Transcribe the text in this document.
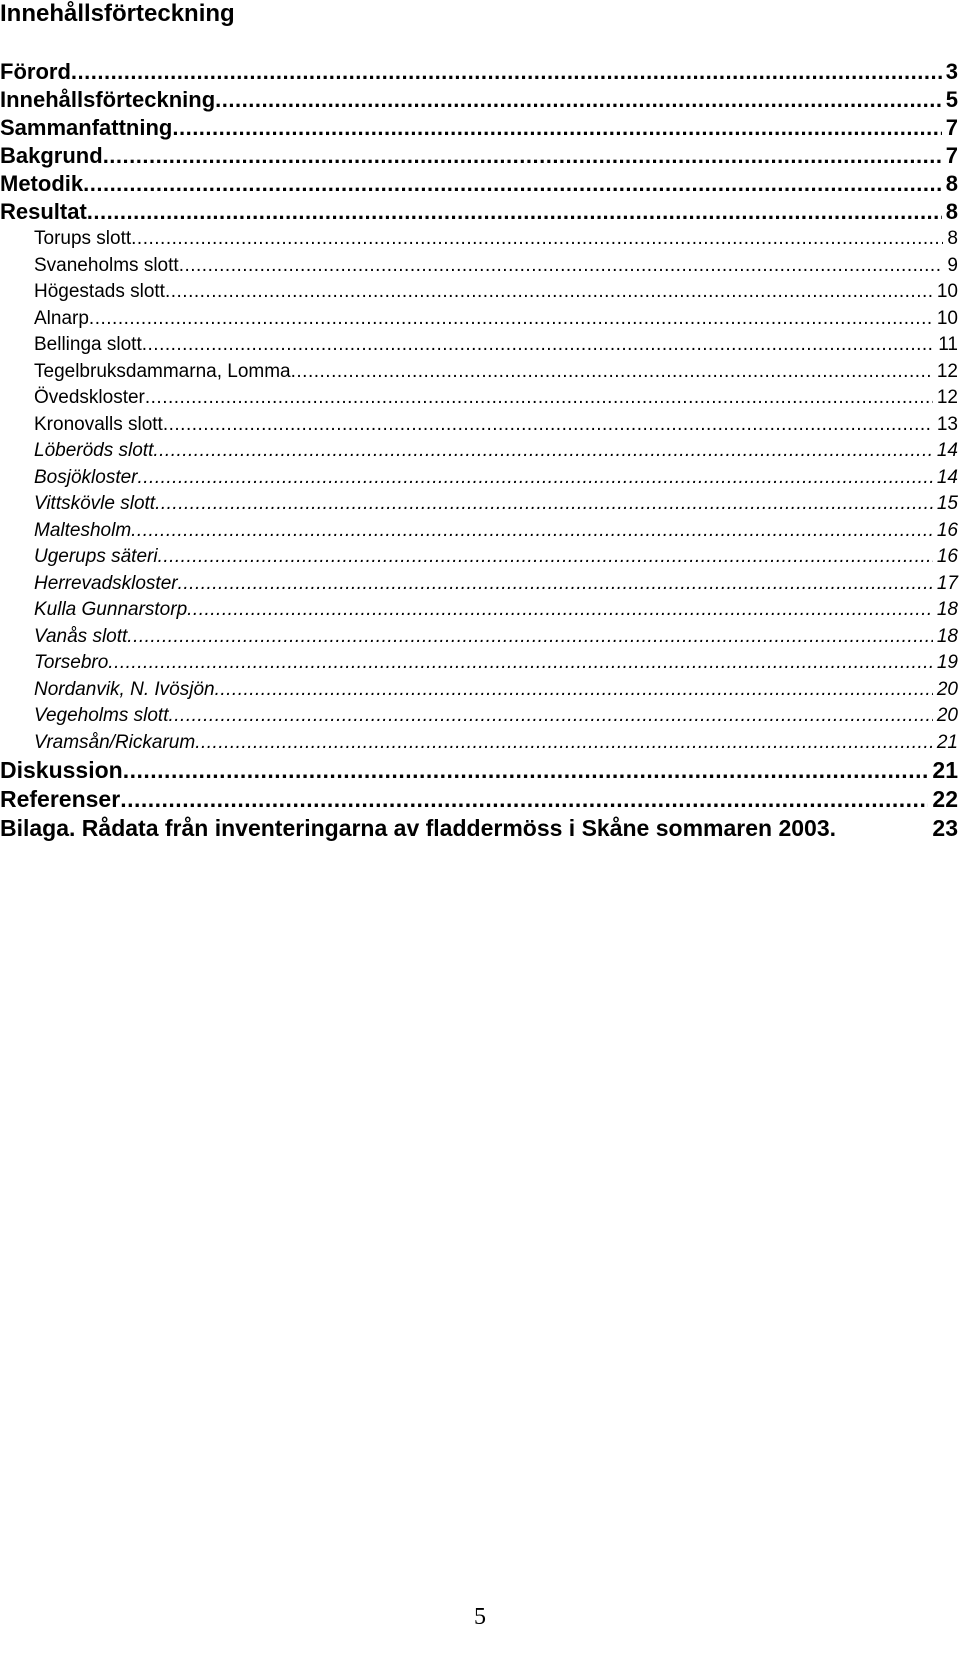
Innehållsförteckning
Förord .....	3
Innehållsförteckning .....	5
Sammanfattning .....	7
Bakgrund .....	7
Metodik .....	8
Resultat .....	8
Torups slott .....	8
Svaneholms slott .....	9
Högestads slott .....	10
Alnarp .....	10
Bellinga slott .....	11
Tegelbruksdammarna, Lomma .....	12
Övedskloster .....	12
Kronovalls slott .....	13
Löberöds slott .....	14
Bosjökloster .....	14
Vittskövle slott .....	15
Maltesholm .....	16
Ugerups säteri .....	16
Herrevadskloster .....	17
Kulla Gunnarstorp .....	18
Vanås slott .....	18
Torsebro .....	19
Nordanvik, N. Ivösjön .....	20
Vegeholms slott .....	20
Vramsån/Rickarum .....	21
Diskussion .....	21
Referenser .....	22
Bilaga. Rådata från inventeringarna av fladdermöss i Skåne sommaren 2003.	23
5
